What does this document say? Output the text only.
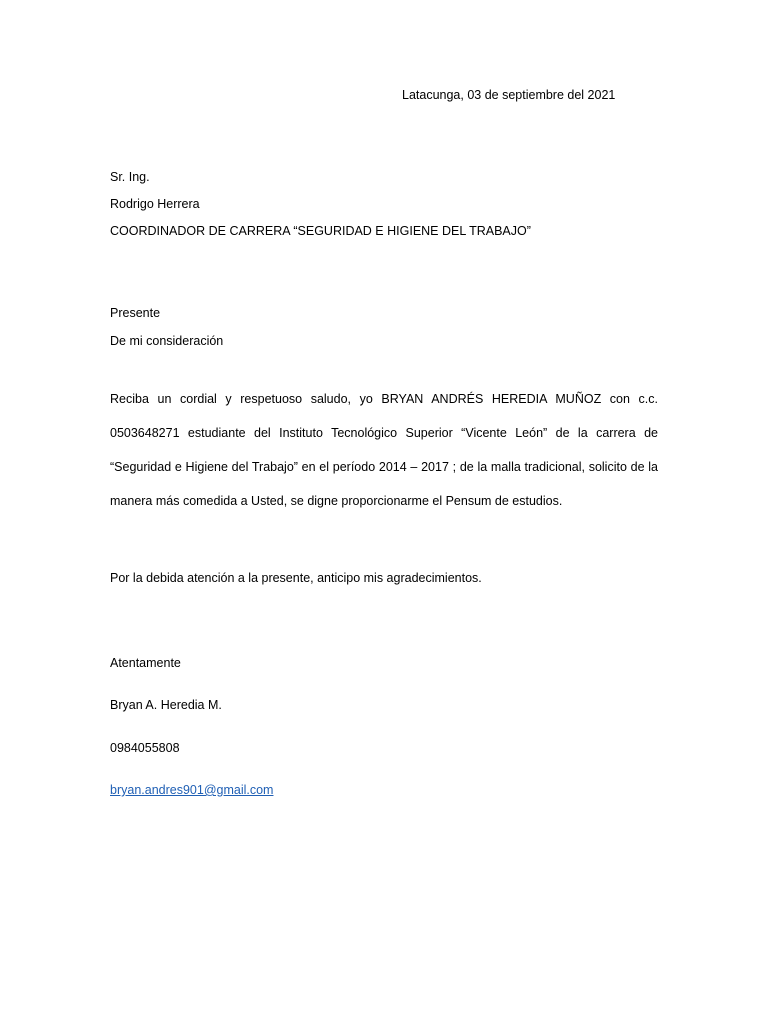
Latacunga, 03 de septiembre del 2021
Sr. Ing.
Rodrigo Herrera
COORDINADOR DE CARRERA “SEGURIDAD E HIGIENE DEL TRABAJO”
Presente
De mi consideración

Reciba un cordial y respetuoso saludo, yo BRYAN ANDRÉS HEREDIA MUÑOZ con c.c. 0503648271 estudiante del Instituto Tecnológico Superior “Vicente León” de la carrera de “Seguridad e Higiene del Trabajo” en el período 2014 – 2017 ; de la malla tradicional, solicito de la manera más comedida a Usted, se digne proporcionarme el Pensum de estudios.

Por la debida atención a la presente, anticipo mis agradecimientos.
Atentamente
Bryan A. Heredia M.
0984055808
bryan.andres901@gmail.com
